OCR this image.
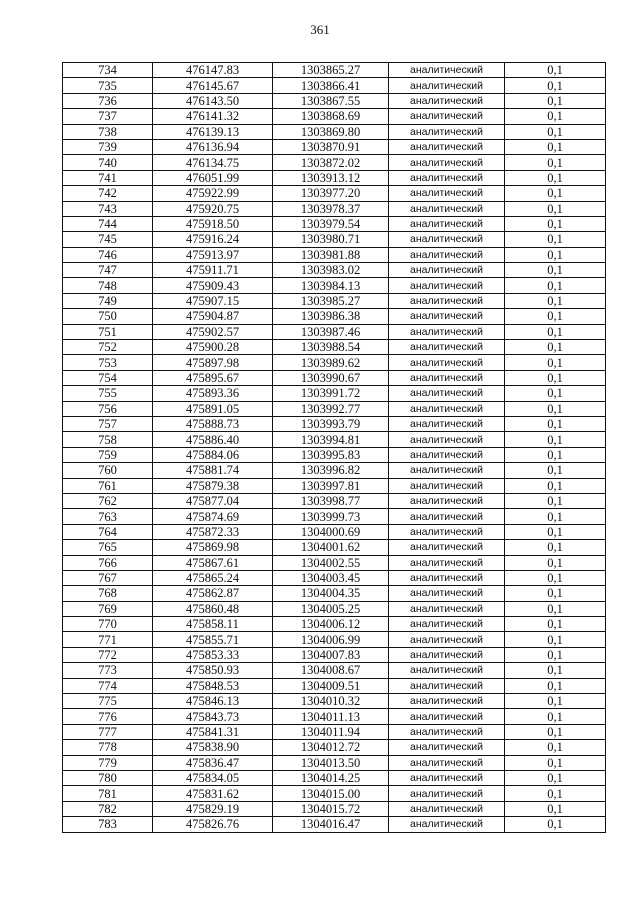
361
734	476147.83	1303865.27	аналитический	0,1
735	476145.67	1303866.41	аналитический	0,1
736	476143.50	1303867.55	аналитический	0,1
737	476141.32	1303868.69	аналитический	0,1
738	476139.13	1303869.80	аналитический	0,1
739	476136.94	1303870.91	аналитический	0,1
740	476134.75	1303872.02	аналитический	0,1
741	476051.99	1303913.12	аналитический	0,1
742	475922.99	1303977.20	аналитический	0,1
743	475920.75	1303978.37	аналитический	0,1
744	475918.50	1303979.54	аналитический	0,1
745	475916.24	1303980.71	аналитический	0,1
746	475913.97	1303981.88	аналитический	0,1
747	475911.71	1303983.02	аналитический	0,1
748	475909.43	1303984.13	аналитический	0,1
749	475907.15	1303985.27	аналитический	0,1
750	475904.87	1303986.38	аналитический	0,1
751	475902.57	1303987.46	аналитический	0,1
752	475900.28	1303988.54	аналитический	0,1
753	475897.98	1303989.62	аналитический	0,1
754	475895.67	1303990.67	аналитический	0,1
755	475893.36	1303991.72	аналитический	0,1
756	475891.05	1303992.77	аналитический	0,1
757	475888.73	1303993.79	аналитический	0,1
758	475886.40	1303994.81	аналитический	0,1
759	475884.06	1303995.83	аналитический	0,1
760	475881.74	1303996.82	аналитический	0,1
761	475879.38	1303997.81	аналитический	0,1
762	475877.04	1303998.77	аналитический	0,1
763	475874.69	1303999.73	аналитический	0,1
764	475872.33	1304000.69	аналитический	0,1
765	475869.98	1304001.62	аналитический	0,1
766	475867.61	1304002.55	аналитический	0,1
767	475865.24	1304003.45	аналитический	0,1
768	475862.87	1304004.35	аналитический	0,1
769	475860.48	1304005.25	аналитический	0,1
770	475858.11	1304006.12	аналитический	0,1
771	475855.71	1304006.99	аналитический	0,1
772	475853.33	1304007.83	аналитический	0,1
773	475850.93	1304008.67	аналитический	0,1
774	475848.53	1304009.51	аналитический	0,1
775	475846.13	1304010.32	аналитический	0,1
776	475843.73	1304011.13	аналитический	0,1
777	475841.31	1304011.94	аналитический	0,1
778	475838.90	1304012.72	аналитический	0,1
779	475836.47	1304013.50	аналитический	0,1
780	475834.05	1304014.25	аналитический	0,1
781	475831.62	1304015.00	аналитический	0,1
782	475829.19	1304015.72	аналитический	0,1
783	475826.76	1304016.47	аналитический	0,1
